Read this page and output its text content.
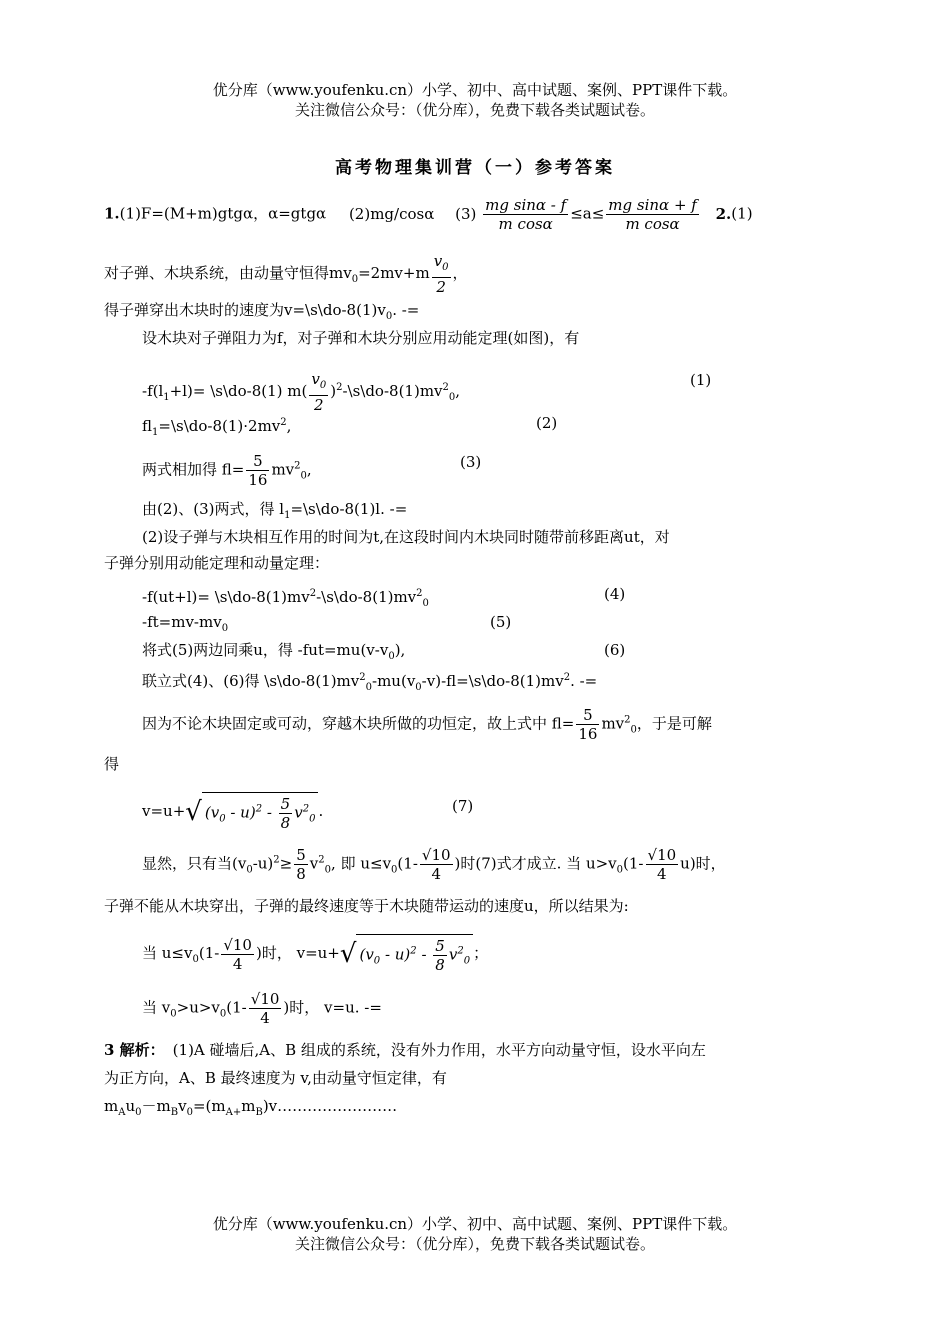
优分库（www.youfenku.cn）小学、初中、高中试题、案例、PPT课件下载。
关注微信公众号：（优分库），免费下载各类试题试卷。
高考物理集训营（一）参考答案
1.(1)F=(M+m)gtgα，α=gtgα (2)mg/cosα $(3) \frac{\text{mg sinα - f}}{\text{m cosα}} \le a\le \frac{\text{mg sinα + f}}{\text{m cosα}} 2.(1)$
对子弹、木块系统，由动量守恒得$mv_0=2mv+m \frac{v_0}{2}$ ，
得子弹穿出木块时的速度为$v=\backslash s\backslash do-8(1)v_0$. -=
设木块对子弹阻力为f，对子弹和木块分别应用动能定理(如图)，有
$-f(l_1+l)=$ \s\do-8(1) $m( \frac{v_0}{2}$ )$^2-\backslash s\backslash do-8(1)mv^2_0$,
(1)
$fl_1=\backslash s\backslash do-8(1)\cdot 2mv^2$,	(2)
两式相加得 $fl= \frac{5}{16} mv^2_0$,	(3)
由(2)、(3)两式，得 $l_1=\backslash s\backslash do-8(1)l$. -=
(2)设子弹与木块相互作用的时间为t,在这段时间内木块同时随带前移距离ut，对
子弹分别用动能定理和动量定理：
$-f(ut+l)= \backslash s\backslash do-8(1)mv^2-\backslash s\backslash do-8(1)mv^2_0$
(4)
$-ft=mv-mv_0$	(5)
将式(5)两边同乘u，得 $-fut=mu(v-v_0)$,	(6)
联立式(4)、(6)得 $\backslash s\backslash do-8(1)mv^2_0-mu(v_0-v)-fl=\backslash s\backslash do-8(1)mv^2$. -=
因为不论木块固定或可动，穿越木块所做的功恒定，故上式中 $fl= \frac{5}{16} mv^2_0$，于是可解
得
v=u+√ $(v_0 - u)^2 - \frac{5}{8} v^2_0$ .	(7)
显然，只有当$(v_0-u)^2\ge \frac{5}{8} v^2_0$, 即 $u\le v_0(1- \frac{√10}{4}$ )时(7)式才成立. 当 $u>v_0(1- \frac{√10}{4} u)$时，
子弹不能从木块穿出，子弹的最终速度等于木块随带运动的速度u，所以结果为:
当 $u\le v_0(1- \frac{√10}{4}$ )时， v=u+√ $(v_0 - u)^2 - \frac{5}{8} v^2_0$ ；
当 $v_0>u>v_0(1- \frac{√10}{4}$ )时， v=u. -=
3 解析： (1)A 碰墙后,A、B 组成的系统，没有外力作用，水平方向动量守恒，设水平向左
为正方向，A、B 最终速度为 v,由动量守恒定律，有
$m_Au_0-m_Bv_0=(m_{A+}m_B)v\dots\dots\dots\dots\dots\dots\dots\dots$
优分库（www.youfenku.cn）小学、初中、高中试题、案例、PPT课件下载。
关注微信公众号：（优分库），免费下载各类试题试卷。
